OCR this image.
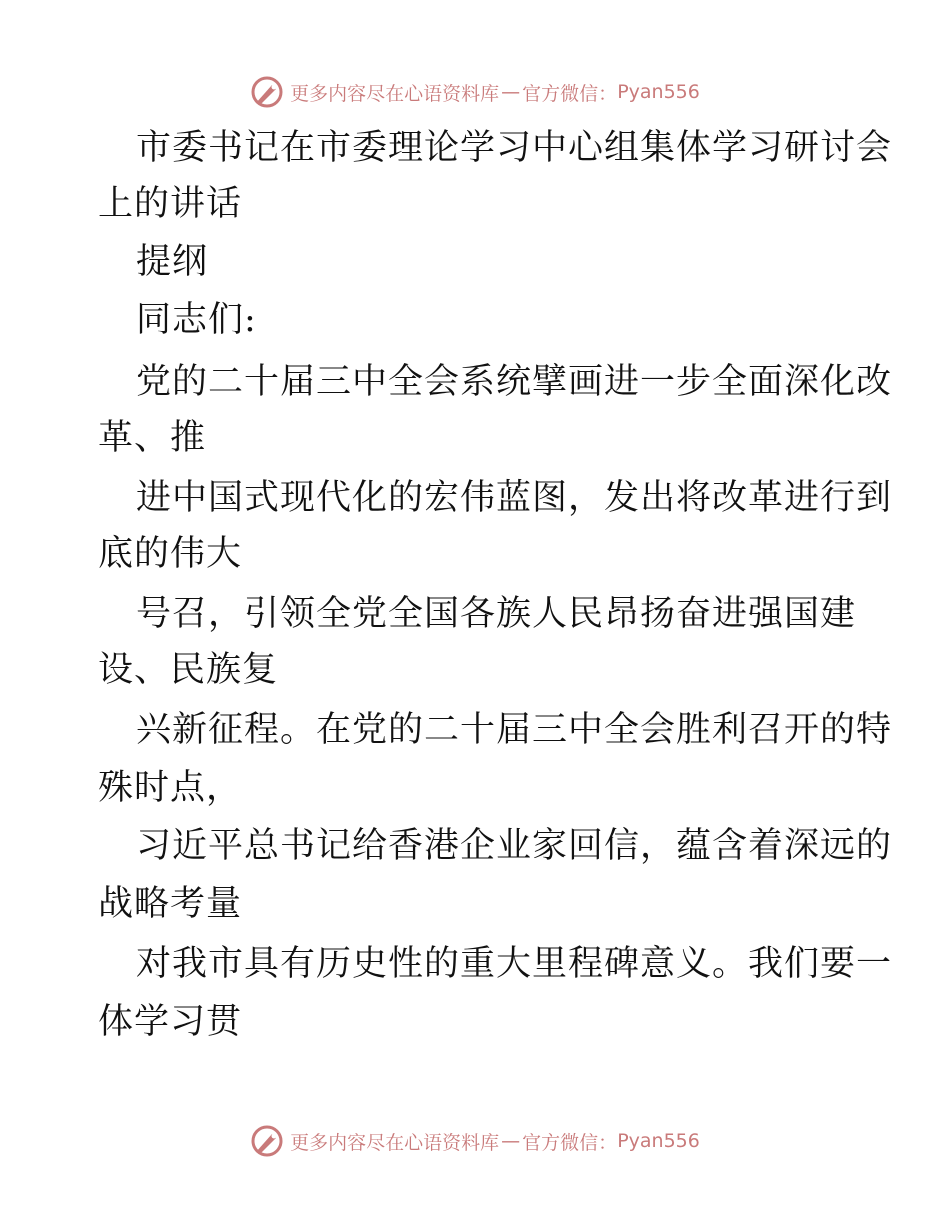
更多内容尽在心语资料库 — 官方微信： Pyan556
市委书记在市委理论学习中心组集体学习研讨会
上的讲话
提纲
同志们:
党的二十届三中全会系统擘画进一步全面深化改
革、推
进中国式现代化的宏伟蓝图，发出将改革进行到
底的伟大
号召，引领全党全国各族人民昂扬奋进强国建
设、民族复
兴新征程。在党的二十届三中全会胜利召开的特
殊时点，
习近平总书记给香港企业家回信，蕴含着深远的
战略考量
对我市具有历史性的重大里程碑意义。我们要一
体学习贯
更多内容尽在心语资料库 — 官方微信： Pyan556
